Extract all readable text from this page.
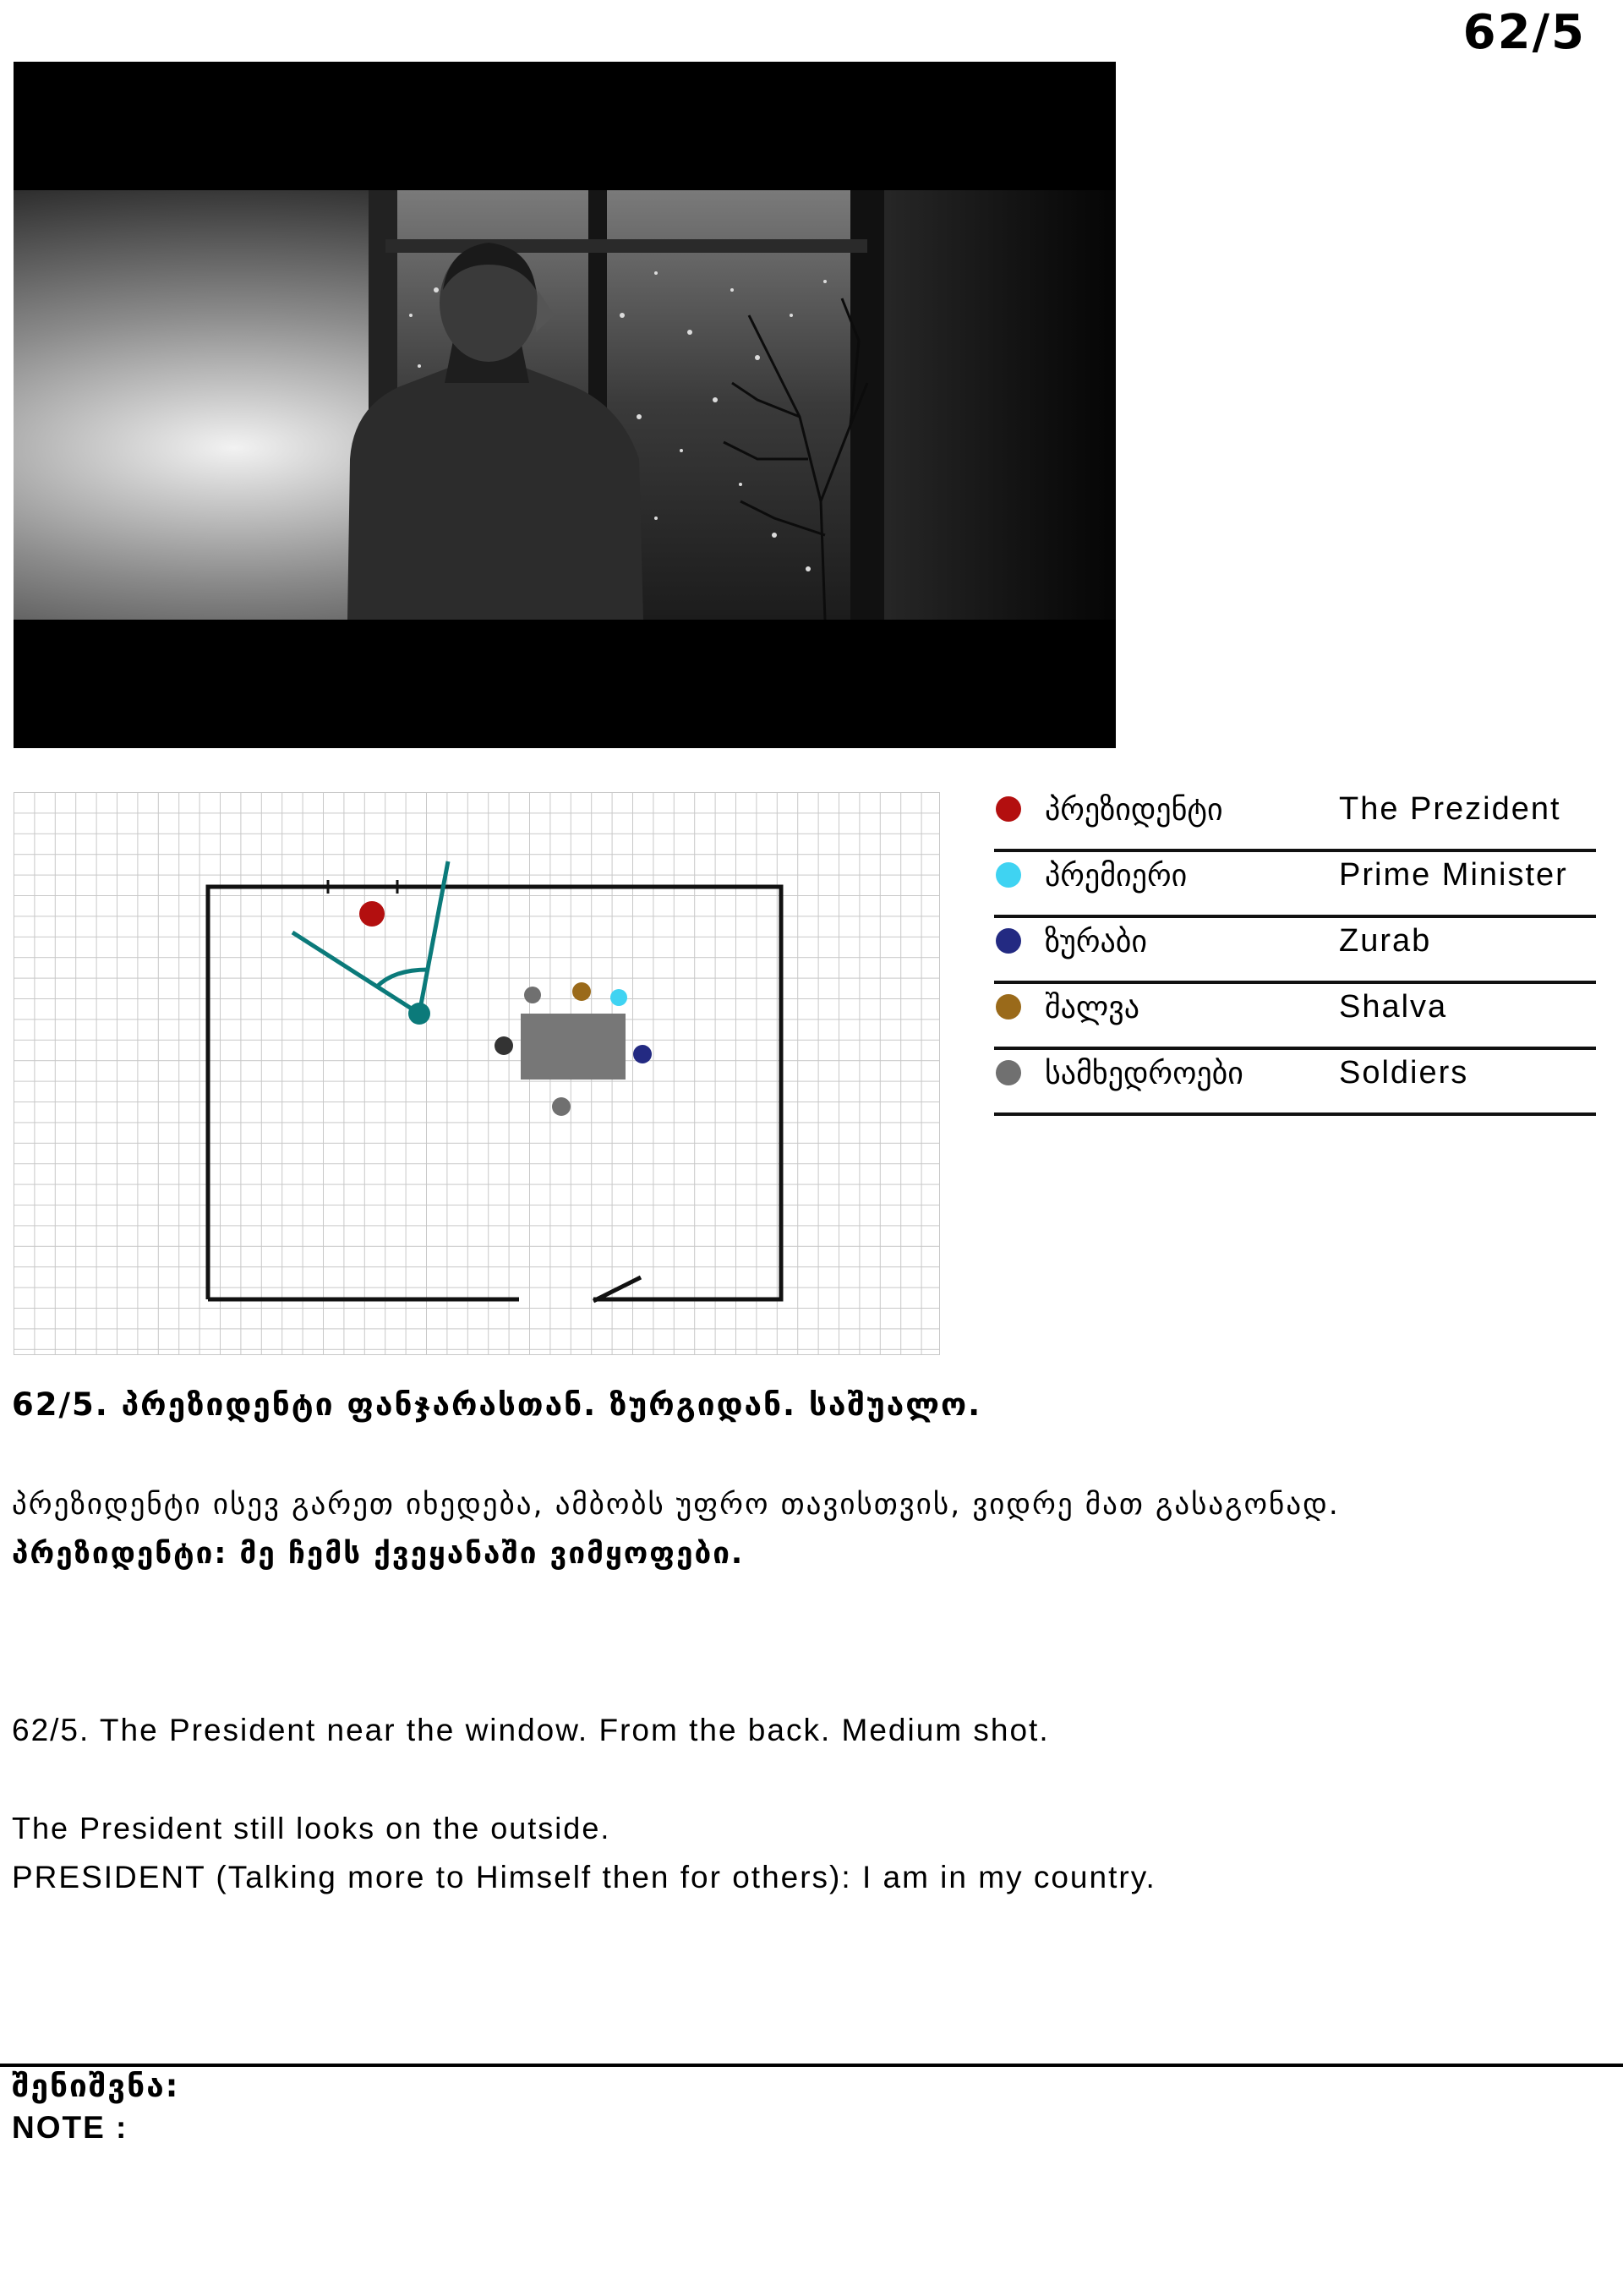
62/5
პრეზიდენტი	The Prezident
პრემიერი	Prime Minister
ზურაბი	Zurab
შალვა	Shalva
სამხედროები	Soldiers
62/5. პრეზიდენტი ფანჯარასთან. ზურგიდან. საშუალო.
პრეზიდენტი ისევ გარეთ იხედება, ამბობს უფრო თავისთვის, ვიდრე მათ გასაგონად.
პრეზიდენტი: მე ჩემს ქვეყანაში ვიმყოფები.
62/5. The President near the window. From the back. Medium shot.
The President still looks on the outside.
PRESIDENT (Talking more to Himself then for others): I am in my country.
შენიშვნა:
NOTE :
